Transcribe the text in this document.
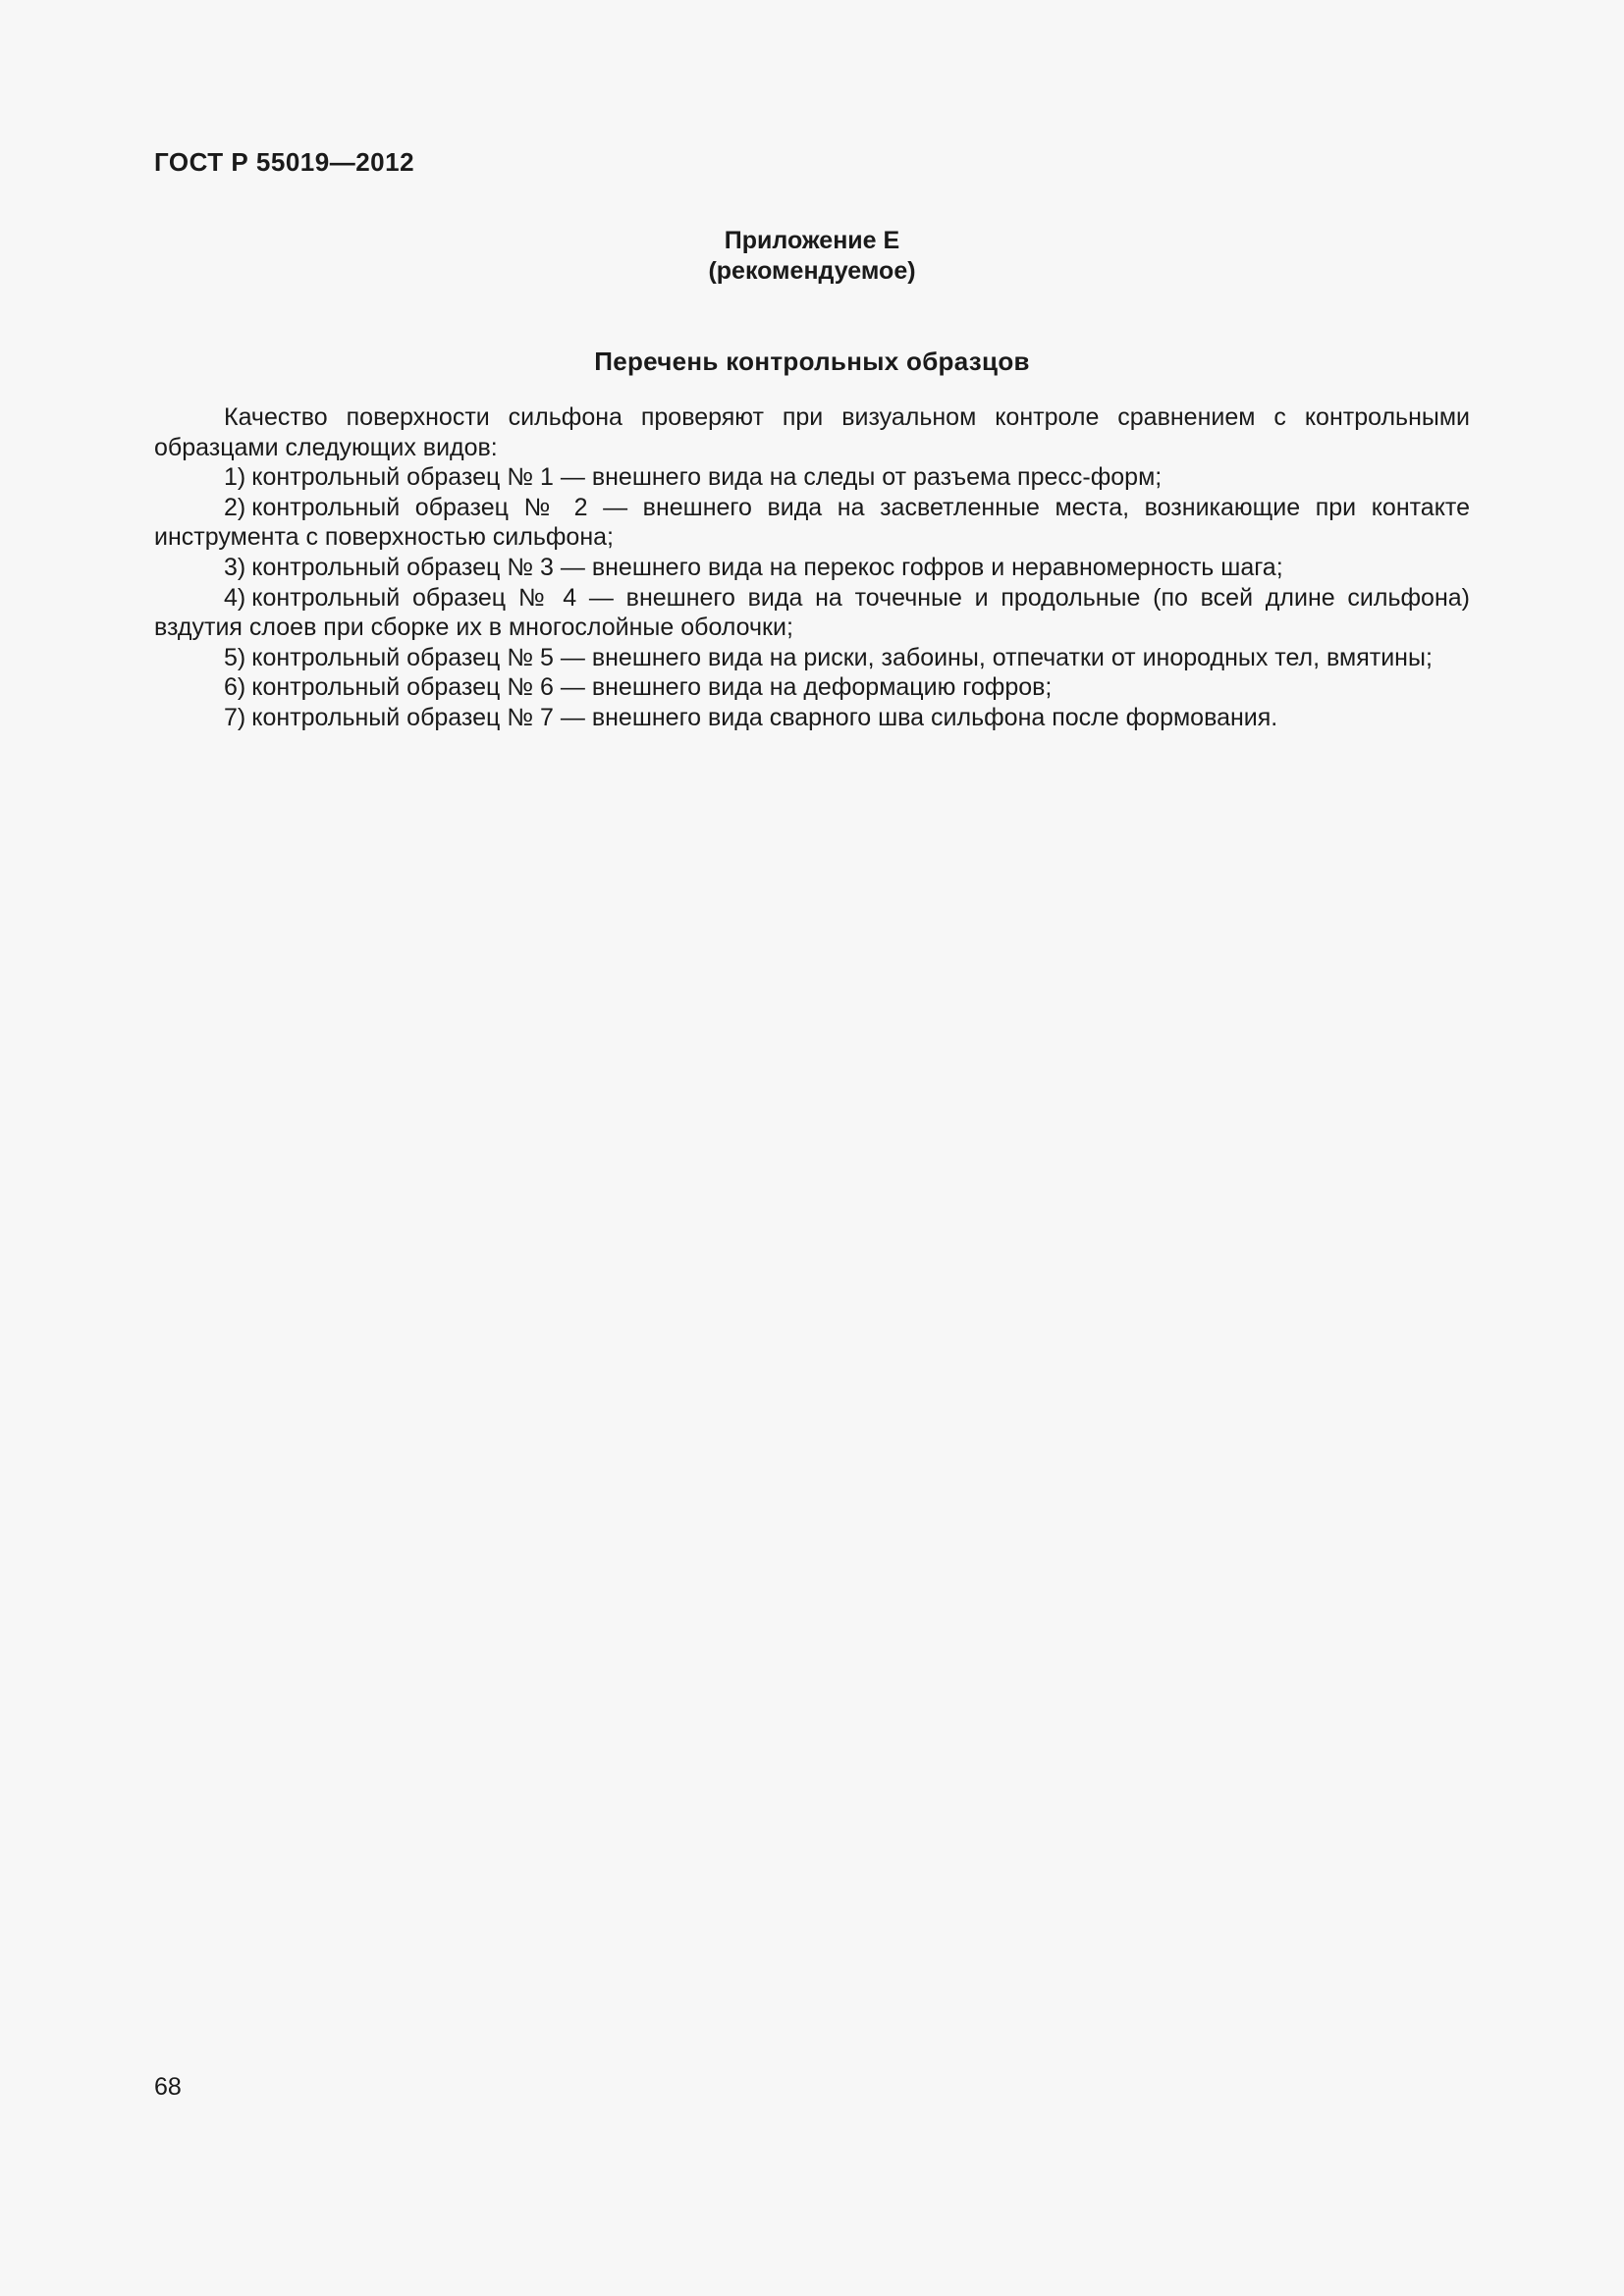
ГОСТ Р 55019—2012
Приложение Е
(рекомендуемое)
Перечень контрольных образцов

Качество поверхности сильфона проверяют при визуальном контроле сравнением с контрольными образцами следующих видов:

1) контрольный образец № 1 — внешнего вида на следы от разъема пресс-форм;

2) контрольный образец № 2 — внешнего вида на засветленные места, возникающие при контакте инструмента с поверхностью сильфона;

3) контрольный образец № 3 — внешнего вида на перекос гофров и неравномерность шага;

4) контрольный образец № 4 — внешнего вида на точечные и продольные (по всей длине сильфона) вздутия слоев при сборке их в многослойные оболочки;

5) контрольный образец № 5 — внешнего вида на риски, забоины, отпечатки от инородных тел, вмятины;

6) контрольный образец № 6 — внешнего вида на деформацию гофров;

7) контрольный образец № 7 — внешнего вида сварного шва сильфона после формования.

68
